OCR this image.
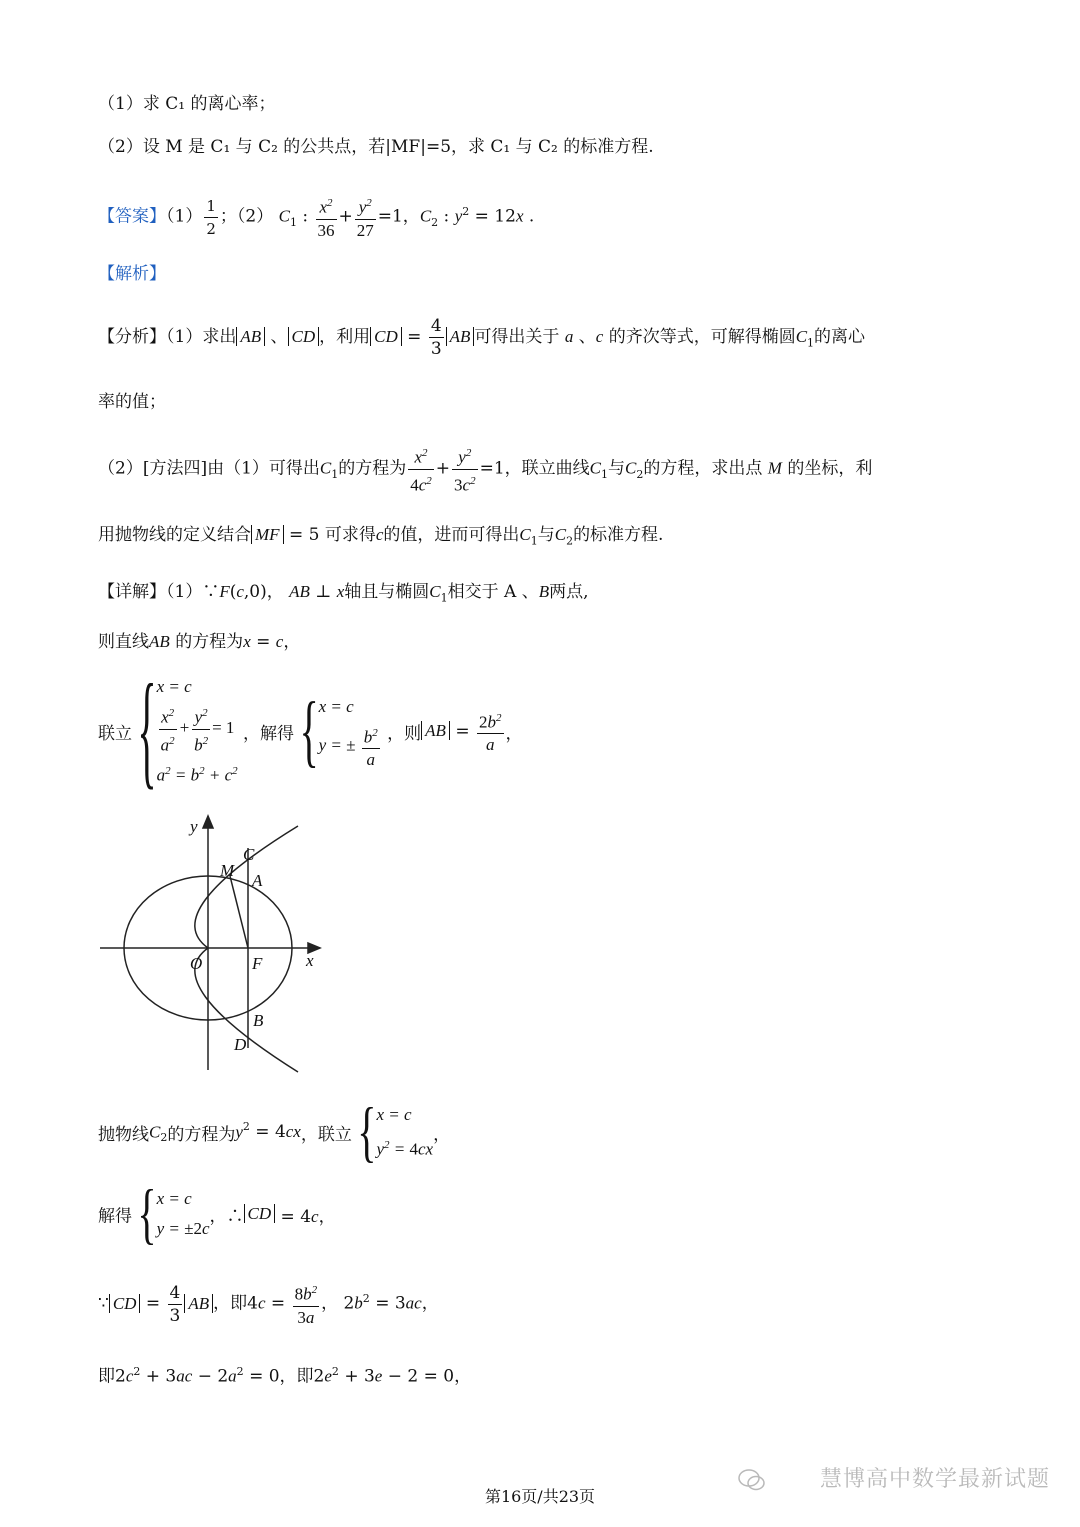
（1）求 C₁ 的离心率；
（2）设 M 是 C₁ 与 C₂ 的公共点，若|MF|=5，求 C₁ 与 C₂ 的标准方程.
【答案】$(1) \frac{1}{2}$ ；（2） $C_1$ : $\frac{x^2}{36} + \frac{y^2}{27} =1$，$C_2$ : $y^2 = 12x$ .
【解析】
【分析】（1）求出 AB 、 CD ，利用 CD = $\frac{4}{3}$ AB 可得出关于 a 、c 的齐次等式，可解得椭圆$C_1$的离心
率的值；
（2）[方法四]由（1）可得出$C_1$的方程为 $\frac{x^2}{4c^2} + \frac{y^2}{3c^2} =1$，联立曲线$C_1$与$C_2$的方程，求出点 M 的坐标，利
用抛物线的定义结合 MF = 5 可求得c的值，进而可得出$C_1$与$C_2$的标准方程.
【详解】（1）∵F(c,0)， AB ⊥ x轴且与椭圆$C_1$相交于 A 、B两点,
则直线AB 的方程为x = c，
联立 { x = c
$\frac{x^2}{a^2} + \frac{y^2}{b^2} = 1$
$a^2 = b^2 + c^2$
，解得 { x = c
y = ± $\frac{b^2}{a}$ ，则 AB = $\frac{2b^2}{a}$ ，
y
x
O	F
C
M
A
B
D
抛物线$C_2$的方程为$y^2 = 4cx$，联立 { x = c
$y^2 = 4cx$
，
解得 { x = c
y = ±2c
，∴ CD = 4c，
∵ CD = $\frac{4}{3}$ AB ，即$4c = \frac{8b^2}{3a}$ ， $2b^2 = 3ac$，
即$2c^2 + 3ac - 2a^2 = 0$，即$2e^2 + 3e - 2 = 0$，
慧博高中数学最新试题
第16页/共23页
